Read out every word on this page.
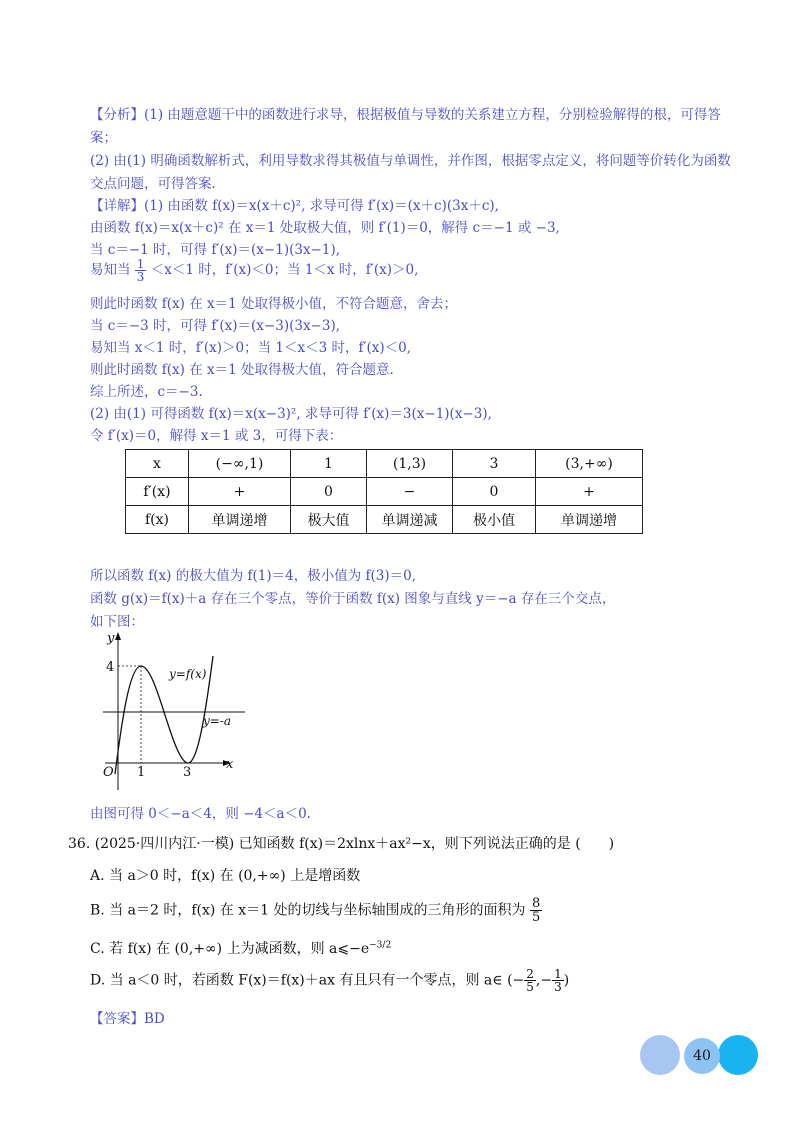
【分析】(1) 由题意题干中的函数进行求导，根据极值与导数的关系建立方程，分别检验解得的根，可得答
案；
(2) 由(1) 明确函数解析式，利用导数求得其极值与单调性，并作图，根据零点定义，将问题等价转化为函数
交点问题，可得答案.
【详解】(1) 由函数 f(x)＝x(x＋c)², 求导可得 f′(x)＝(x＋c)(3x＋c),
由函数 f(x)＝x(x＋c)² 在 x＝1 处取极大值，则 f′(1)＝0，解得 c＝−1 或 −3,
当 c＝−1 时，可得 f′(x)＝(x−1)(3x−1),
易知当 $\frac{1}{3} <x<1$ 时，f′(x)＜0；当 1＜x 时，f′(x)＞0,
则此时函数 f(x) 在 x＝1 处取得极小值，不符合题意，舍去；
当 c＝−3 时，可得 f′(x)＝(x−3)(3x−3),
易知当 x＜1 时，f′(x)＞0；当 1＜x＜3 时，f′(x)＜0,
则此时函数 f(x) 在 x＝1 处取得极大值，符合题意.
综上所述，c＝−3.
(2) 由(1) 可得函数 f(x)＝x(x−3)², 求导可得 f′(x)＝3(x−1)(x−3),
令 f′(x)＝0，解得 x＝1 或 3，可得下表：
x	(−∞,1)	1	(1,3)	3	(3,+∞)
f′(x)	+	0	−	0	+
f(x)	单调递增	极大值	单调递减	极小值	单调递增
所以函数 f(x) 的极大值为 f(1)＝4，极小值为 f(3)＝0,
函数 g(x)＝f(x)＋a 存在三个零点，等价于函数 f(x) 图象与直线 y＝−a 存在三个交点，
如下图：
y
x
O
4
1	3
y=f(x)
y=-a
由图可得 0＜−a＜4，则 −4＜a＜0.
36. (2025·四川内江·一模) 已知函数 f(x)＝2xlnx＋ax²−x，则下列说法正确的是 (　　)
A. 当 a＞0 时，f(x) 在 (0,+∞) 上是增函数
B. 当 a＝2 时，f(x) 在 x＝1 处的切线与坐标轴围成的三角形的面积为 $\frac{8}{5}$
C. 若 f(x) 在 (0,+∞) 上为减函数，则 $a⩽-e^{-3/2}$
D. 当 a＜0 时，若函数 F(x)＝f(x)＋ax 有且只有一个零点，则 a∈ (− $\frac{2}{5}$ ,− $\frac{1}{3}$ )
【答案】BD
40
